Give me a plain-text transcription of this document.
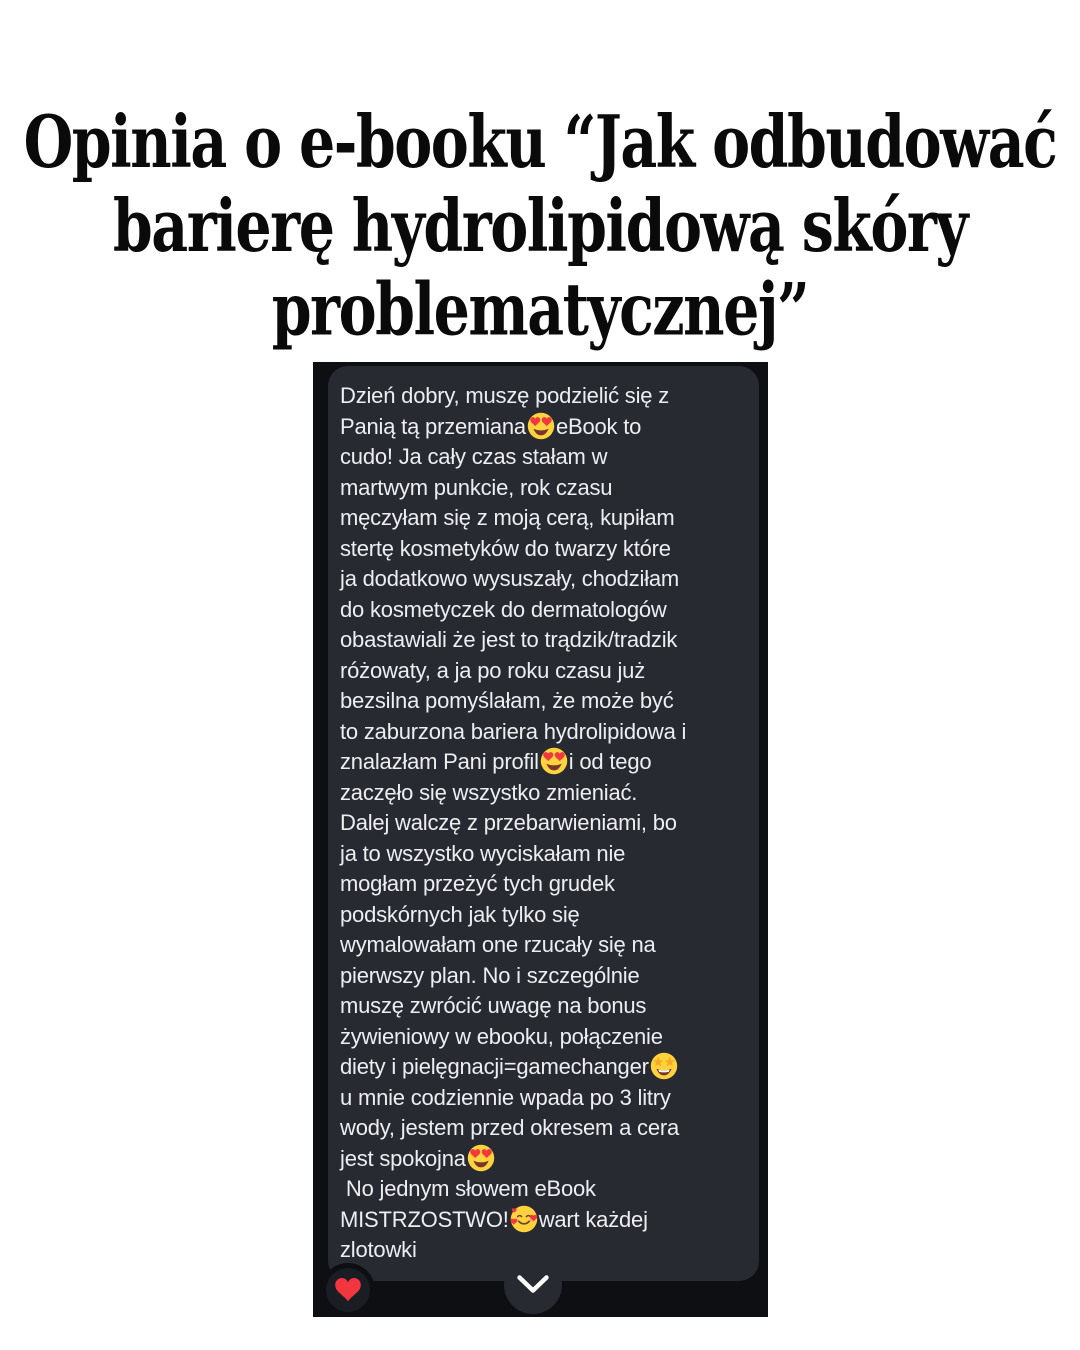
Opinia o e-booku “Jak odbudować
barierę hydrolipidową skóry
problematycznej”
Dzień dobry, muszę podzielić się z
Panią tą przemiana eBook to
cudo! Ja cały czas stałam w
martwym punkcie, rok czasu
męczyłam się z moją cerą, kupiłam
stertę kosmetyków do twarzy które
ja dodatkowo wysuszały, chodziłam
do kosmetyczek do dermatologów
obastawiali że jest to trądzik/tradzik
różowaty, a ja po roku czasu już
bezsilna pomyślałam, że może być
to zaburzona bariera hydrolipidowa i
znalazłam Pani profil i od tego
zaczęło się wszystko zmieniać.
Dalej walczę z przebarwieniami, bo
ja to wszystko wyciskałam nie
mogłam przeżyć tych grudek
podskórnych jak tylko się
wymalowałam one rzucały się na
pierwszy plan. No i szczególnie
muszę zwrócić uwagę na bonus
żywieniowy w ebooku, połączenie
diety i pielęgnacji=gamechanger
u mnie codziennie wpada po 3 litry
wody, jestem przed okresem a cera
jest spokojna
No jednym słowem eBook
MISTRZOSTWO! wart każdej
zlotowki
